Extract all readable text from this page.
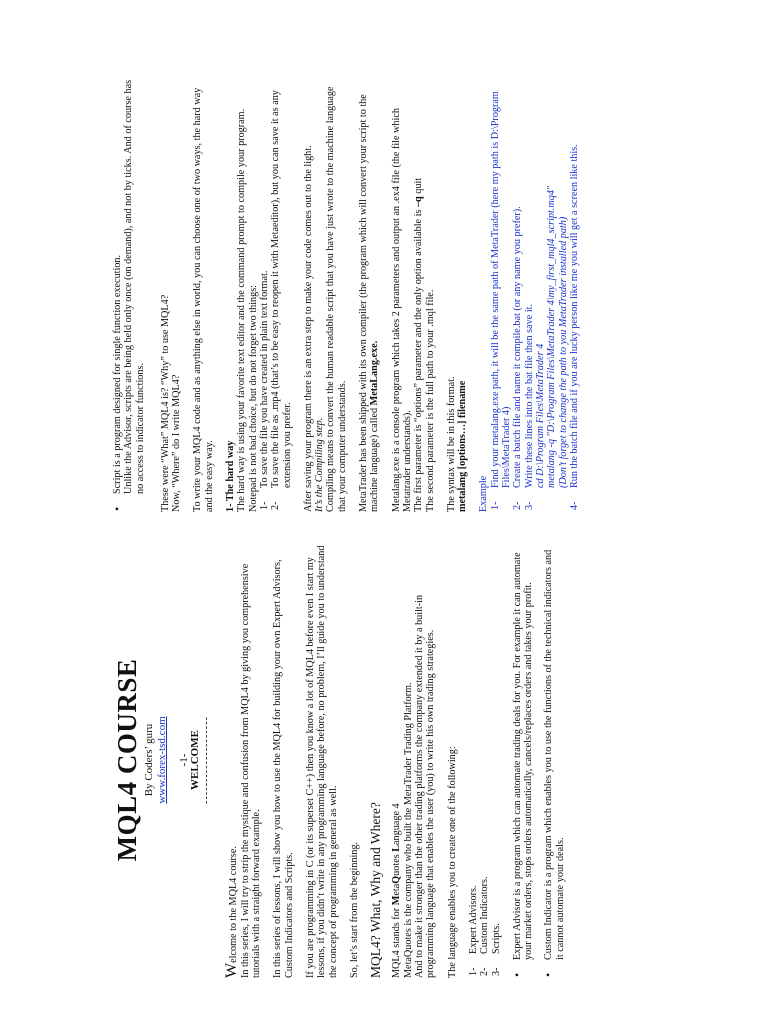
MQL4 COURSE By Coders’ guru www.forex-tsd.com -1- WELCOME --------------------

Welcome to the MQL4 course.
In this series, I will try to strip the mystique and confusion from MQL4 by giving you comprehensive tutorials with a straight forward example. In this series of lessons, I will show you how to use the MQL4 for building your own Expert Advisors, Custom Indicators and Scripts. If you are programming in C (or its superset C++) then you know a lot of MQL4 before even I start my lessons, if you didn’t write in any programming language before, no problem, I’ll guide you to understand the concept of programming in general as well. So, let’s start from the beginning. MQL4? What, Why and Where? MQL4 stands for MetaQuotes Language 4
MetaQuotes is the company who built the MetaTrader Trading Platform.
And to make it stronger than the other trading platforms the company extended it by a built-in programming language that enables the user (you) to write his own trading strategies.

The language enables you to create one of the following: 1-
Expert Advisors.
2-
Custom Indicators.
3-
Scripts. • Expert Advisor is a program which can automate trading deals for you. For example it can automate your market orders, stops orders automatically, cancels/replaces orders and takes your profit. • Custom Indicator is a program which enables you to use the functions of the technical indicators and it cannot automate your deals.
• Script is a program designed for single function execution.
Unlike the Advisor, scripts are being held only once (on demand), and not by ticks. And of course has no access to indicator functions.

These were “What” MQL4 is? “Why” to use MQL4?
Now, “Where” do I write MQL4? To write your MQL4 code and as anything else in world, you can choose one of two ways, the hard way and the easy way. 1- The hard way The hard way is using your favorite text editor and the command prompt to compile your program.
Notepad is not bad choice, but do not forget two things:
1-
To save the file you have created in plain text format.
2-
To save the file as .mp4 (that’s to be easy to reopen it with Metaeditor), but you can save it as any extension you prefer. After saving your program there is an extra step to make your code comes out to the light. It’s the Compiling step. Compiling means to convert the human readable script that you have just wrote to the machine language that your computer understands. MetaTrader has been shipped with its own compiler (the program which will convert your script to the machine language) called MetaLang.exe.

Metalang.exe is a console program which takes 2 parameters and output an .ex4 file (the file which Metatrader understands).
The first parameter is “options” parameter and the only option available is –q quit
The second parameter is the full path to your .mql file.

The syntax will be in this format. metalang [options…] filename Example 1-
Find your metalang.exe path, it will be the same path of MetaTrader (here my path is D:\Program Files\MetaTrader 4)
2-
Create a batch file and name it compile.bat (or any name you prefer).
3-
Write these lines into the bat file then save it. cd D:\Program Files\MetaTrader 4
metalang -q "D:\Program Files\MetaTrader 4\my_first_mql4_script.mq4"
(Don’t forget to change the path to you MetaTrader installed path)
4-
Run the batch file and if you are lucky person like me you will get a screen like this.
